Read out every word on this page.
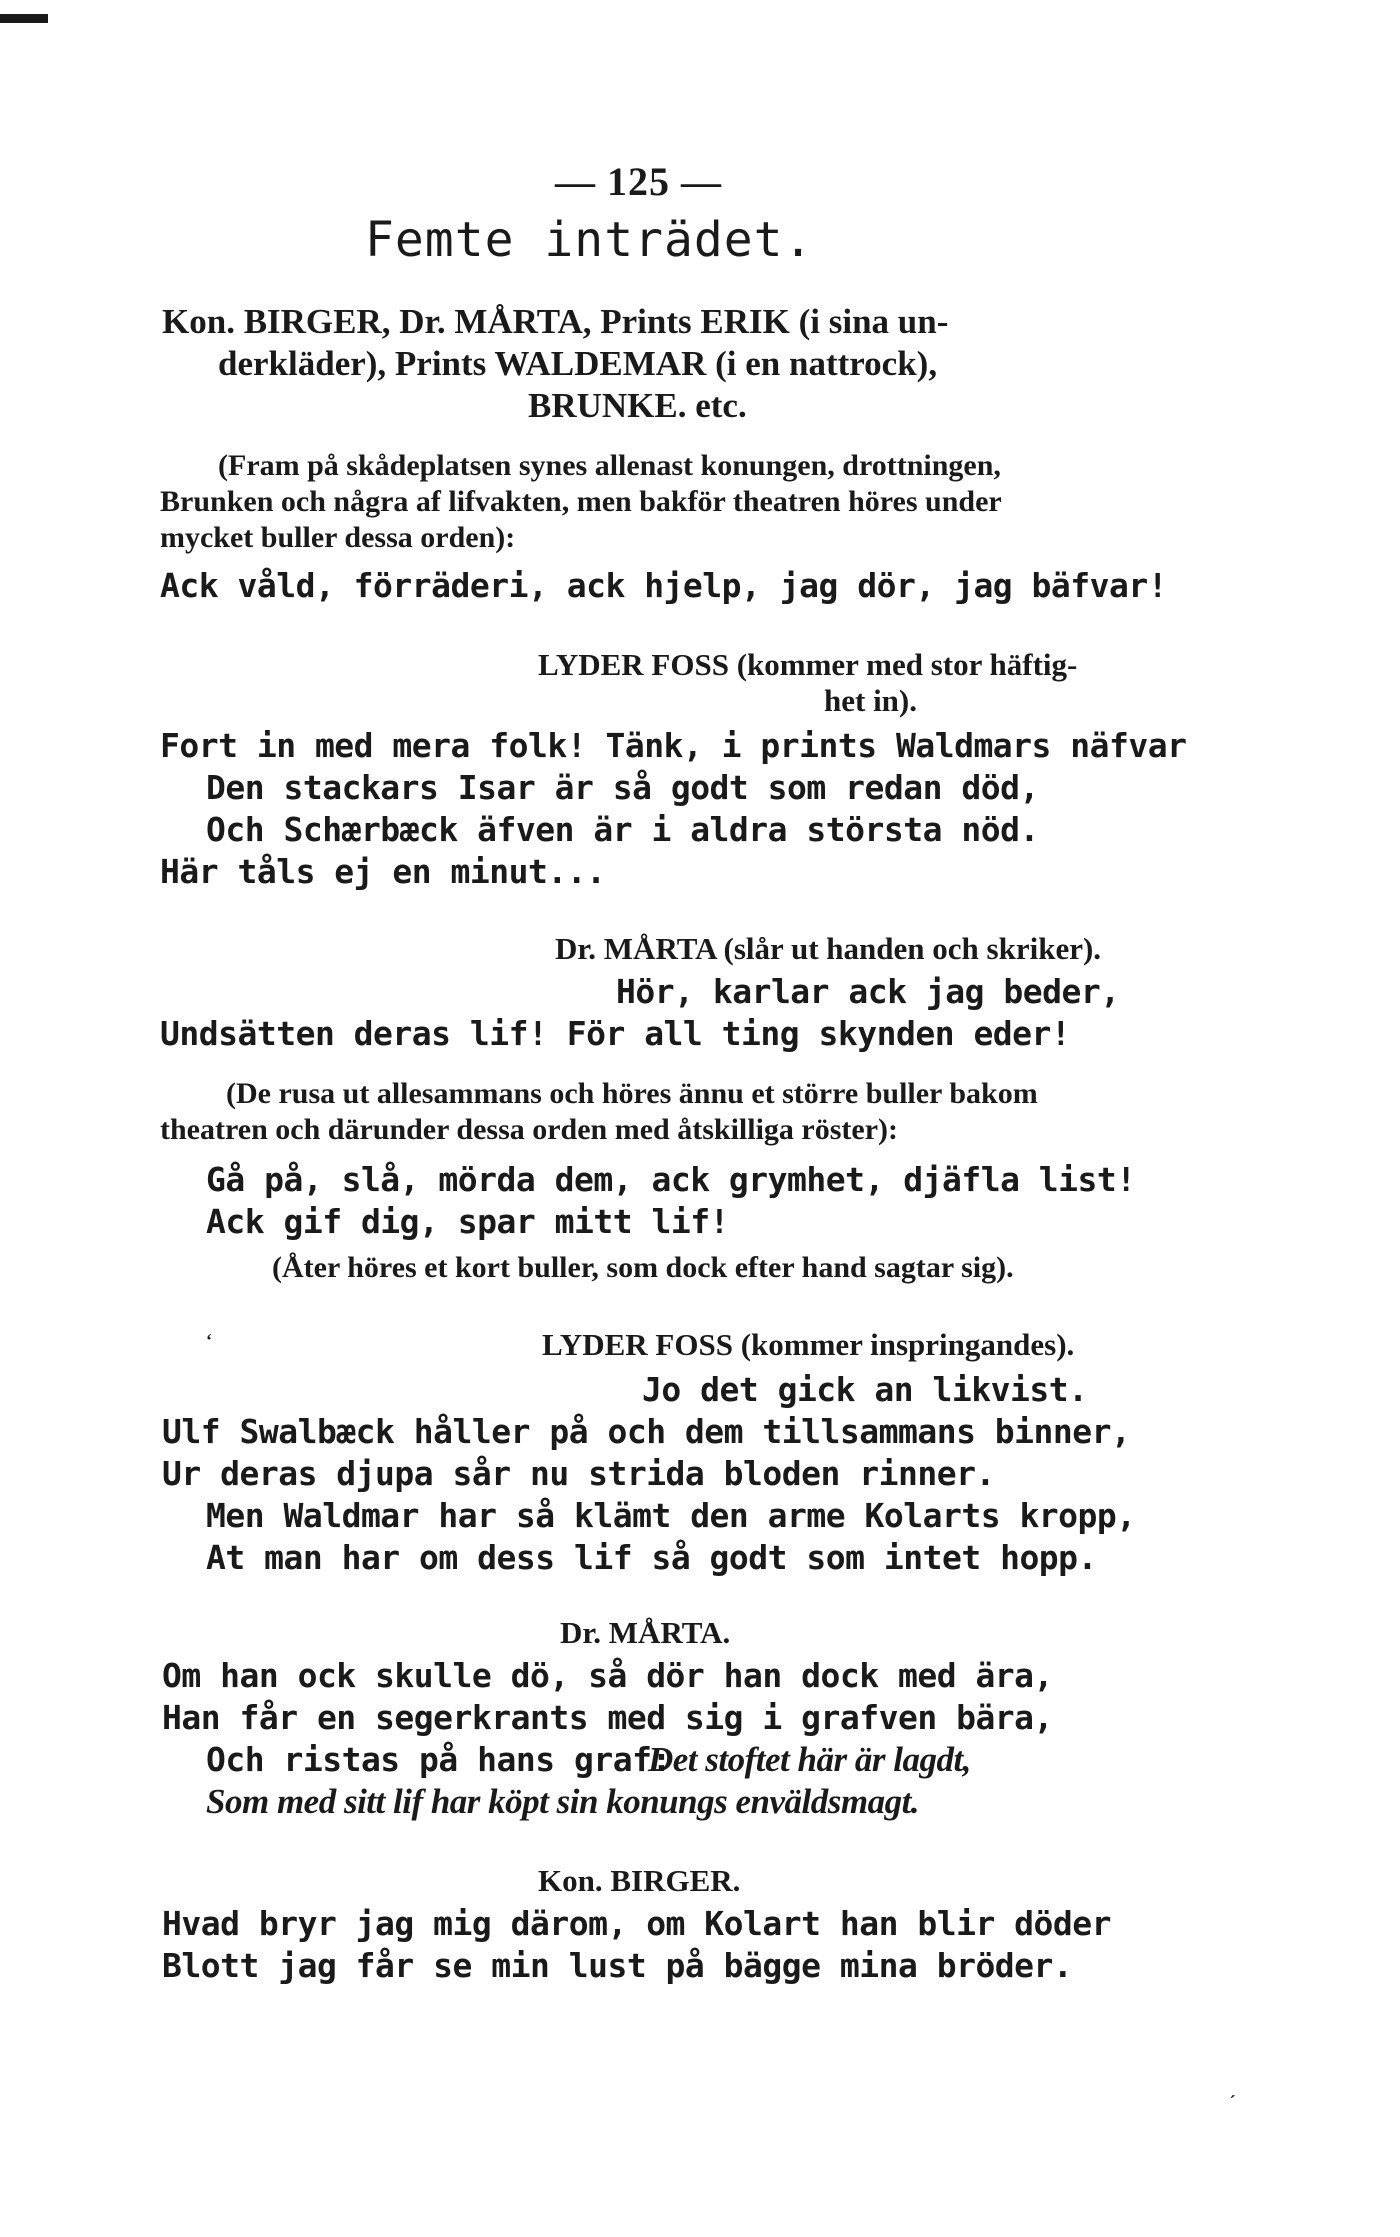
— 125 —
Femte inträdet.
Kon. BIRGER, Dr. MÅRTA, Prints ERIK (i sina un-
derkläder), Prints WALDEMAR (i en nattrock),
BRUNKE. etc.
(Fram på skådeplatsen synes allenast konungen, drottningen,
Brunken och några af lifvakten, men bakför theatren höres under
mycket buller dessa orden):
Ack våld, förräderi, ack hjelp, jag dör, jag bäfvar!
LYDER FOSS (kommer med stor häftig-
het in).
Fort in med mera folk! Tänk, i prints Waldmars näfvar
Den stackars Isar är så godt som redan död,
Och Schærbæck äfven är i aldra största nöd.
Här tåls ej en minut...
Dr. MÅRTA (slår ut handen och skriker).
Hör, karlar ack jag beder,
Undsätten deras lif! För all ting skynden eder!
(De rusa ut allesammans och höres ännu et större buller bakom
theatren och därunder dessa orden med åtskilliga röster):
Gå på, slå, mörda dem, ack grymhet, djäfla list!
Ack gif dig, spar mitt lif!
(Åter höres et kort buller, som dock efter hand sagtar sig).
‘	LYDER FOSS (kommer inspringandes).
Jo det gick an likvist.
Ulf Swalbæck håller på och dem tillsammans binner,
Ur deras djupa sår nu strida bloden rinner.
Men Waldmar har så klämt den arme Kolarts kropp,
At man har om dess lif så godt som intet hopp.
Dr. MÅRTA.
Om han ock skulle dö, så dör han dock med ära,
Han får en segerkrants med sig i grafven bära,
Och ristas på hans graf:
Det stoftet här är lagdt,
Som med sitt lif har köpt sin konungs enväldsmagt.
Kon. BIRGER.
Hvad bryr jag mig därom, om Kolart han blir döder
Blott jag får se min lust på bägge mina bröder.
ˏ
